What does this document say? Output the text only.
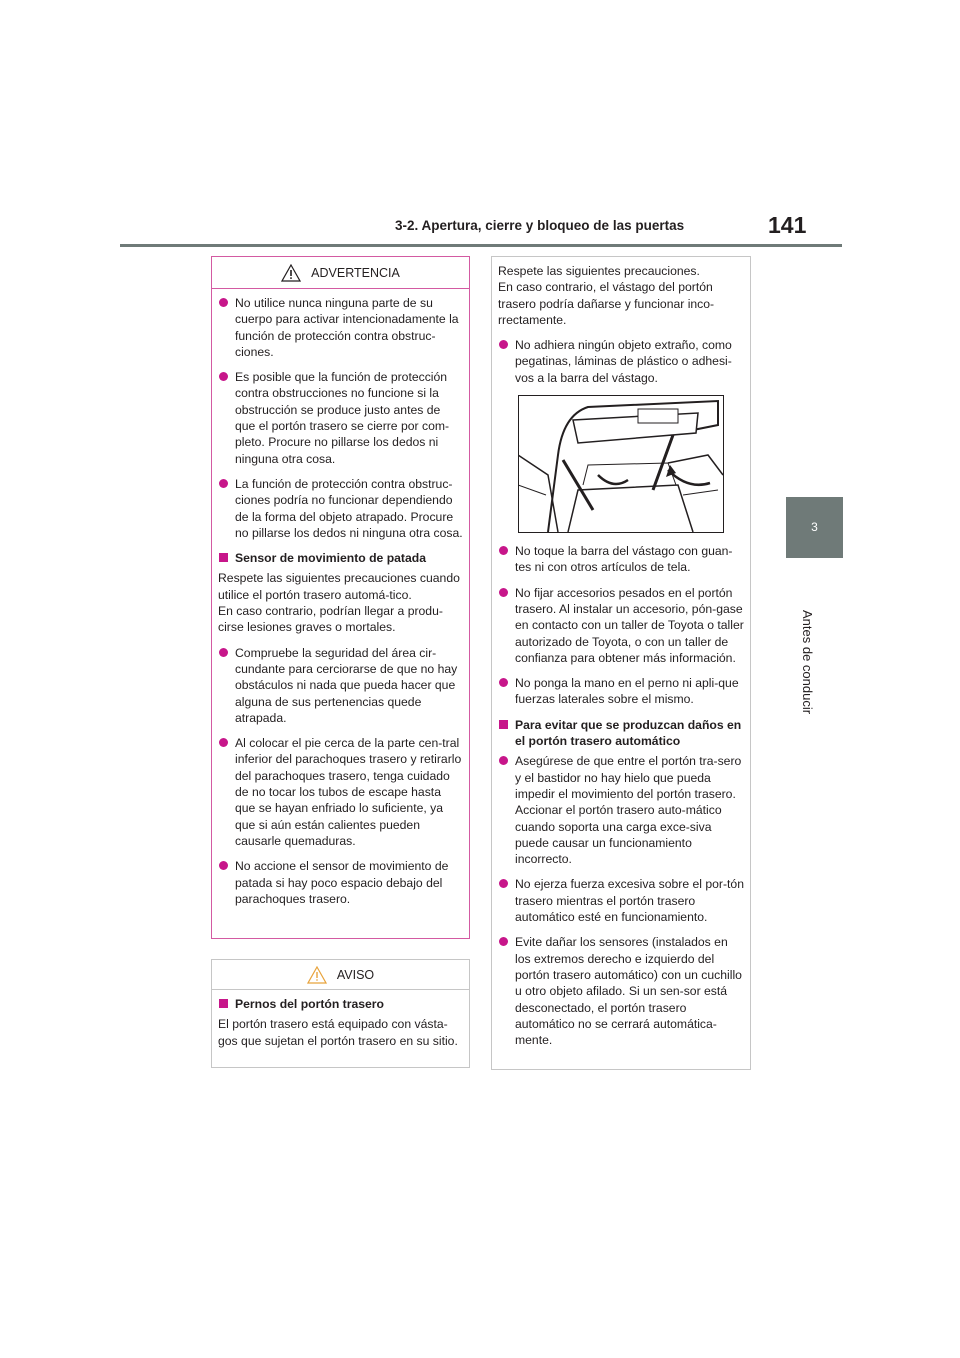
3-2. Apertura, cierre y bloqueo de las puertas	141
3
Antes de conducir
ADVERTENCIA
No utilice nunca ninguna parte de su cuerpo para activar intencionadamente la función de protección contra obstruc-ciones.
Es posible que la función de protección contra obstrucciones no funcione si la obstrucción se produce justo antes de que el portón trasero se cierre por com-pleto. Procure no pillarse los dedos ni ninguna otra cosa.
La función de protección contra obstruc-ciones podría no funcionar dependiendo de la forma del objeto atrapado. Procure no pillarse los dedos ni ninguna otra cosa.
Sensor de movimiento de patada
Respete las siguientes precauciones cuando utilice el portón trasero automá-tico.
En caso contrario, podrían llegar a produ-cirse lesiones graves o mortales.
Compruebe la seguridad del área cir-cundante para cerciorarse de que no hay obstáculos ni nada que pueda hacer que alguna de sus pertenencias quede atrapada.
Al colocar el pie cerca de la parte cen-tral inferior del parachoques trasero y retirarlo del parachoques trasero, tenga cuidado de no tocar los tubos de escape hasta que se hayan enfriado lo suficiente, ya que si aún están calientes pueden causarle quemaduras.
No accione el sensor de movimiento de patada si hay poco espacio debajo del parachoques trasero.
AVISO
Pernos del portón trasero
El portón trasero está equipado con vásta-gos que sujetan el portón trasero en su sitio.
Respete las siguientes precauciones.
En caso contrario, el vástago del portón trasero podría dañarse y funcionar inco-rrectamente.
No adhiera ningún objeto extraño, como pegatinas, láminas de plástico o adhesi-vos a la barra del vástago.
No toque la barra del vástago con guan-tes ni con otros artículos de tela.
No fijar accesorios pesados en el portón trasero. Al instalar un accesorio, pón-gase en contacto con un taller de Toyota o taller autorizado de Toyota, o con un taller de confianza para obtener más información.
No ponga la mano en el perno ni apli-que fuerzas laterales sobre el mismo.
Para evitar que se produzcan daños en el portón trasero automático
Asegúrese de que entre el portón tra-sero y el bastidor no hay hielo que pueda impedir el movimiento del portón trasero. Accionar el portón trasero auto-mático cuando soporta una carga exce-siva puede causar un funcionamiento incorrecto.
No ejerza fuerza excesiva sobre el por-tón trasero mientras el portón trasero automático esté en funcionamiento.
Evite dañar los sensores (instalados en los extremos derecho e izquierdo del portón trasero automático) con un cuchillo u otro objeto afilado. Si un sen-sor está desconectado, el portón trasero automático no se cerrará automática-mente.
